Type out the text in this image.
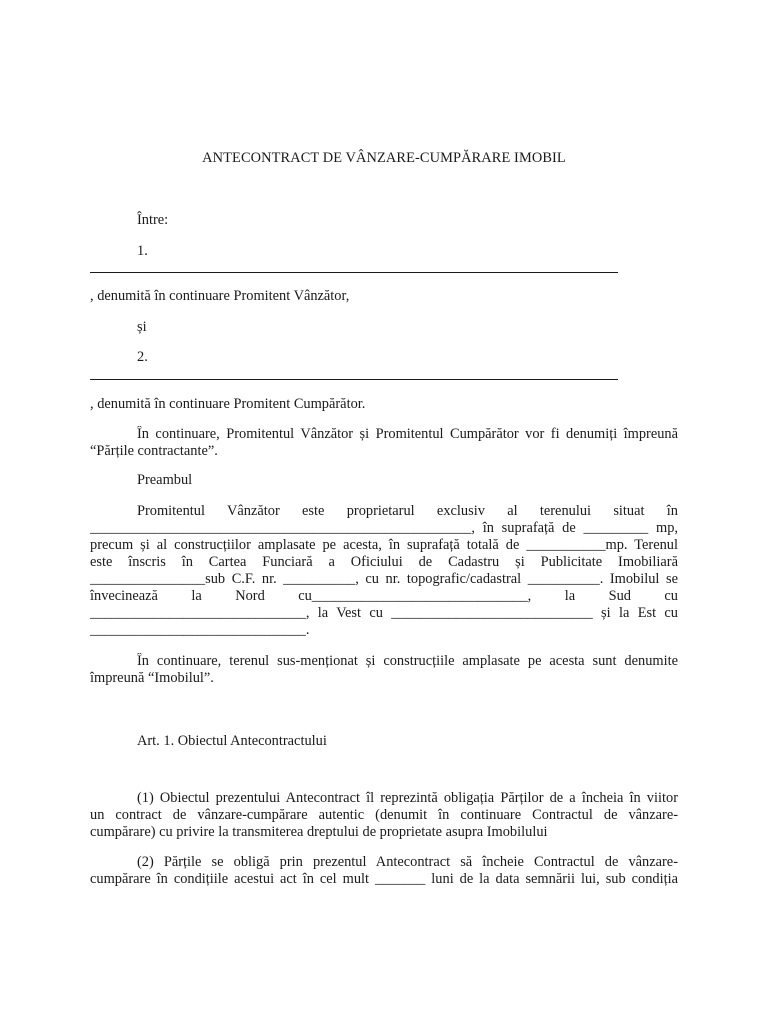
ANTECONTRACT DE VÂNZARE-CUMPĂRARE IMOBIL
Între:
1.
, denumită în continuare Promitent Vânzător,
și
2.
, denumită în continuare Promitent Cumpărător.
În continuare, Promitentul Vânzător și Promitentul Cumpărător vor fi denumiți împreună
“Părțile contractante”.
Preambul
Promitentul Vânzător este proprietarul exclusiv al terenului situat în
_____________________________________________________, în suprafață de _________ mp,
precum și al construcțiilor amplasate pe acesta, în suprafață totală de ___________mp. Terenul
este înscris în Cartea Funciară a Oficiului de Cadastru și Publicitate Imobiliară
________________sub C.F. nr. __________, cu nr. topografic/cadastral __________. Imobilul se
învecinează la Nord cu______________________________, la Sud cu
______________________________, la Vest cu ____________________________ și la Est cu
______________________________.
În continuare, terenul sus-menționat și construcțiile amplasate pe acesta sunt denumite
împreună “Imobilul”.
Art. 1. Obiectul Antecontractului
(1) Obiectul prezentului Antecontract îl reprezintă obligația Părților de a încheia în viitor
un contract de vânzare-cumpărare autentic (denumit în continuare Contractul de vânzare-
cumpărare) cu privire la transmiterea dreptului de proprietate asupra Imobilului
(2) Părțile se obligă prin prezentul Antecontract să încheie Contractul de vânzare-
cumpărare în condițiile acestui act în cel mult _______ luni de la data semnării lui, sub condiția
